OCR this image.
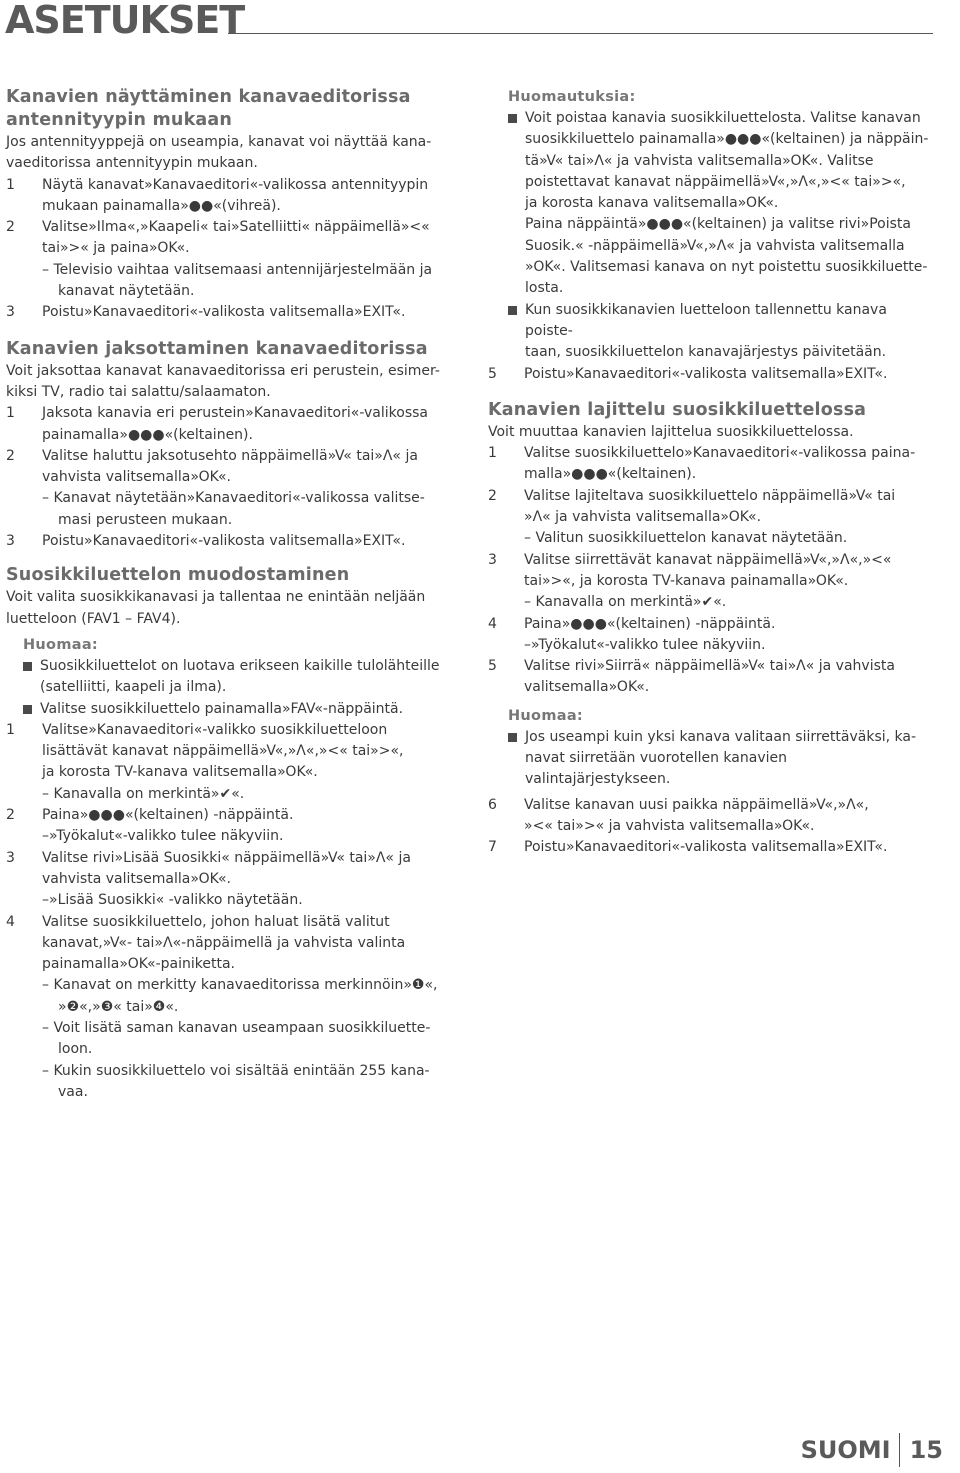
ASETUKSET

Kanavien näyttäminen kanavaeditorissa

antennityypin mukaan

Jos antennityyppejä on useampia, kanavat voi näyttää kana-

vaeditorissa antennityypin mukaan.

1	Näytä kanavat»Kanavaeditori«-valikossa antennityypin

mukaan painamalla»●●«(vihreä).

2	Valitse»Ilma«,»Kaapeli« tai»Satelliitti« näppäimellä»<«

tai»>« ja paina»OK«.

– Televisio vaihtaa valitsemaasi antennijärjestelmään ja

kanavat näytetään.

3	Poistu»Kanavaeditori«-valikosta valitsemalla»EXIT«.

Kanavien jaksottaminen kanavaeditorissa

Voit jaksottaa kanavat kanavaeditorissa eri perustein, esimer-

kiksi TV, radio tai salattu/salaamaton.

1	Jaksota kanavia eri perustein»Kanavaeditori«-valikossa

painamalla»●●●«(keltainen).

2	Valitse haluttu jaksotusehto näppäimellä»V« tai»Λ« ja

vahvista valitsemalla»OK«.

– Kanavat näytetään»Kanavaeditori«-valikossa valitse-

masi perusteen mukaan.

3	Poistu»Kanavaeditori«-valikosta valitsemalla»EXIT«.

Suosikkiluettelon muodostaminen

Voit valita suosikkikanavasi ja tallentaa ne enintään neljään

luetteloon (FAV1 – FAV4).

Huomaa:

Suosikkiluettelot on luotava erikseen kaikille tulolähteille

(satelliitti, kaapeli ja ilma).

Valitse suosikkiluettelo painamalla»FAV«-näppäintä.

1	Valitse»Kanavaeditori«-valikko suosikkiluetteloon

lisättävät kanavat näppäimellä»V«,»Λ«,»<« tai»>«,

ja korosta TV-kanava valitsemalla»OK«.

– Kanavalla on merkintä»✔«.

2	Paina»●●●«(keltainen) -näppäintä.

–»Työkalut«-valikko tulee näkyviin.

3	Valitse rivi»Lisää Suosikki« näppäimellä»V« tai»Λ« ja

vahvista valitsemalla»OK«.

–»Lisää Suosikki« -valikko näytetään.

4	Valitse suosikkiluettelo, johon haluat lisätä valitut

kanavat,»V«- tai»Λ«-näppäimellä ja vahvista valinta

painamalla»OK«-painiketta.

– Kanavat on merkitty kanavaeditorissa merkinnöin»❶«,

»❷«,»❸« tai»❹«.

– Voit lisätä saman kanavan useampaan suosikkiluette-

loon.

– Kukin suosikkiluettelo voi sisältää enintään 255 kana-

vaa.

Huomautuksia:

Voit poistaa kanavia suosikkiluettelosta. Valitse kanavan

suosikkiluettelo painamalla»●●●«(keltainen) ja näppäin-

tä»V« tai»Λ« ja vahvista valitsemalla»OK«. Valitse

poistettavat kanavat näppäimellä»V«,»Λ«,»<« tai»>«,

ja korosta kanava valitsemalla»OK«.

Paina näppäintä»●●●«(keltainen) ja valitse rivi»Poista

Suosik.« -näppäimellä»V«,»Λ« ja vahvista valitsemalla

»OK«. Valitsemasi kanava on nyt poistettu suosikkiluette-

losta.

Kun suosikkikanavien luetteloon tallennettu kanava poiste-

taan, suosikkiluettelon kanavajärjestys päivitetään.

5	Poistu»Kanavaeditori«-valikosta valitsemalla»EXIT«.

Kanavien lajittelu suosikkiluettelossa

Voit muuttaa kanavien lajittelua suosikkiluettelossa.

1	Valitse suosikkiluettelo»Kanavaeditori«-valikossa paina-

malla»●●●«(keltainen).

2	Valitse lajiteltava suosikkiluettelo näppäimellä»V« tai

»Λ« ja vahvista valitsemalla»OK«.

– Valitun suosikkiluettelon kanavat näytetään.

3	Valitse siirrettävät kanavat näppäimellä»V«,»Λ«,»<«

tai»>«, ja korosta TV-kanava painamalla»OK«.

– Kanavalla on merkintä»✔«.

4	Paina»●●●«(keltainen) -näppäintä.

–»Työkalut«-valikko tulee näkyviin.

5	Valitse rivi»Siirrä« näppäimellä»V« tai»Λ« ja vahvista

valitsemalla»OK«.

Huomaa:

Jos useampi kuin yksi kanava valitaan siirrettäväksi, ka-

navat siirretään vuorotellen kanavien valintajärjestykseen.

6	Valitse kanavan uusi paikka näppäimellä»V«,»Λ«,

»<« tai»>« ja vahvista valitsemalla»OK«.

7	Poistu»Kanavaeditori«-valikosta valitsemalla»EXIT«.

SUOMI 15
